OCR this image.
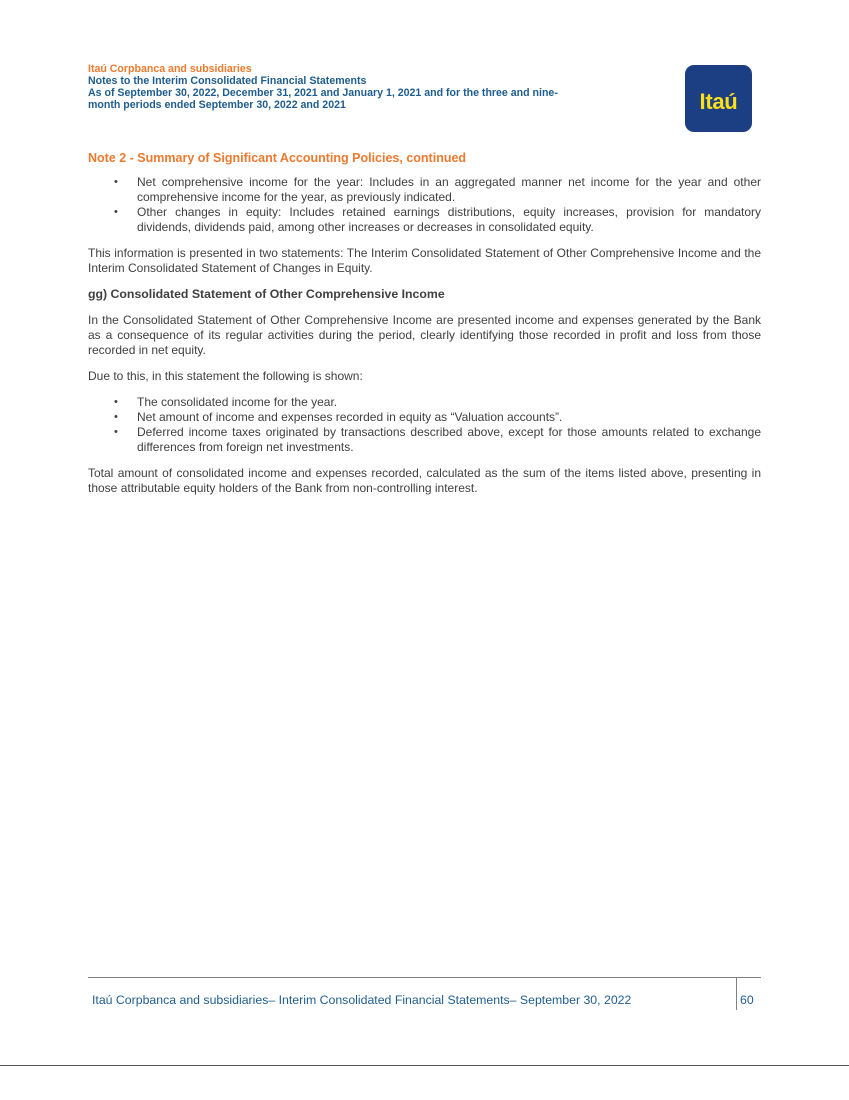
Itaú Corpbanca and subsidiaries
Notes to the Interim Consolidated Financial Statements
As of September 30, 2022, December 31, 2021 and January 1, 2021 and for the three and nine-
month periods ended September 30, 2022 and 2021	Itaú
Note 2 - Summary of Significant Accounting Policies, continued
• Net comprehensive income for the year: Includes in an aggregated manner net income for the year and other comprehensive income for the year, as previously indicated.
• Other changes in equity: Includes retained earnings distributions, equity increases, provision for mandatory dividends, dividends paid, among other increases or decreases in consolidated equity.

This information is presented in two statements: The Interim Consolidated Statement of Other Comprehensive Income and the Interim Consolidated Statement of Changes in Equity.

gg) Consolidated Statement of Other Comprehensive Income

In the Consolidated Statement of Other Comprehensive Income are presented income and expenses generated by the Bank as a consequence of its regular activities during the period, clearly identifying those recorded in profit and loss from those recorded in net equity.

Due to this, in this statement the following is shown:

• The consolidated income for the year.
• Net amount of income and expenses recorded in equity as “Valuation accounts”.
• Deferred income taxes originated by transactions described above, except for those amounts related to exchange differences from foreign net investments.

Total amount of consolidated income and expenses recorded, calculated as the sum of the items listed above, presenting in those attributable equity holders of the Bank from non-controlling interest.

Itaú Corpbanca and subsidiaries– Interim Consolidated Financial Statements– September 30, 2022	60
